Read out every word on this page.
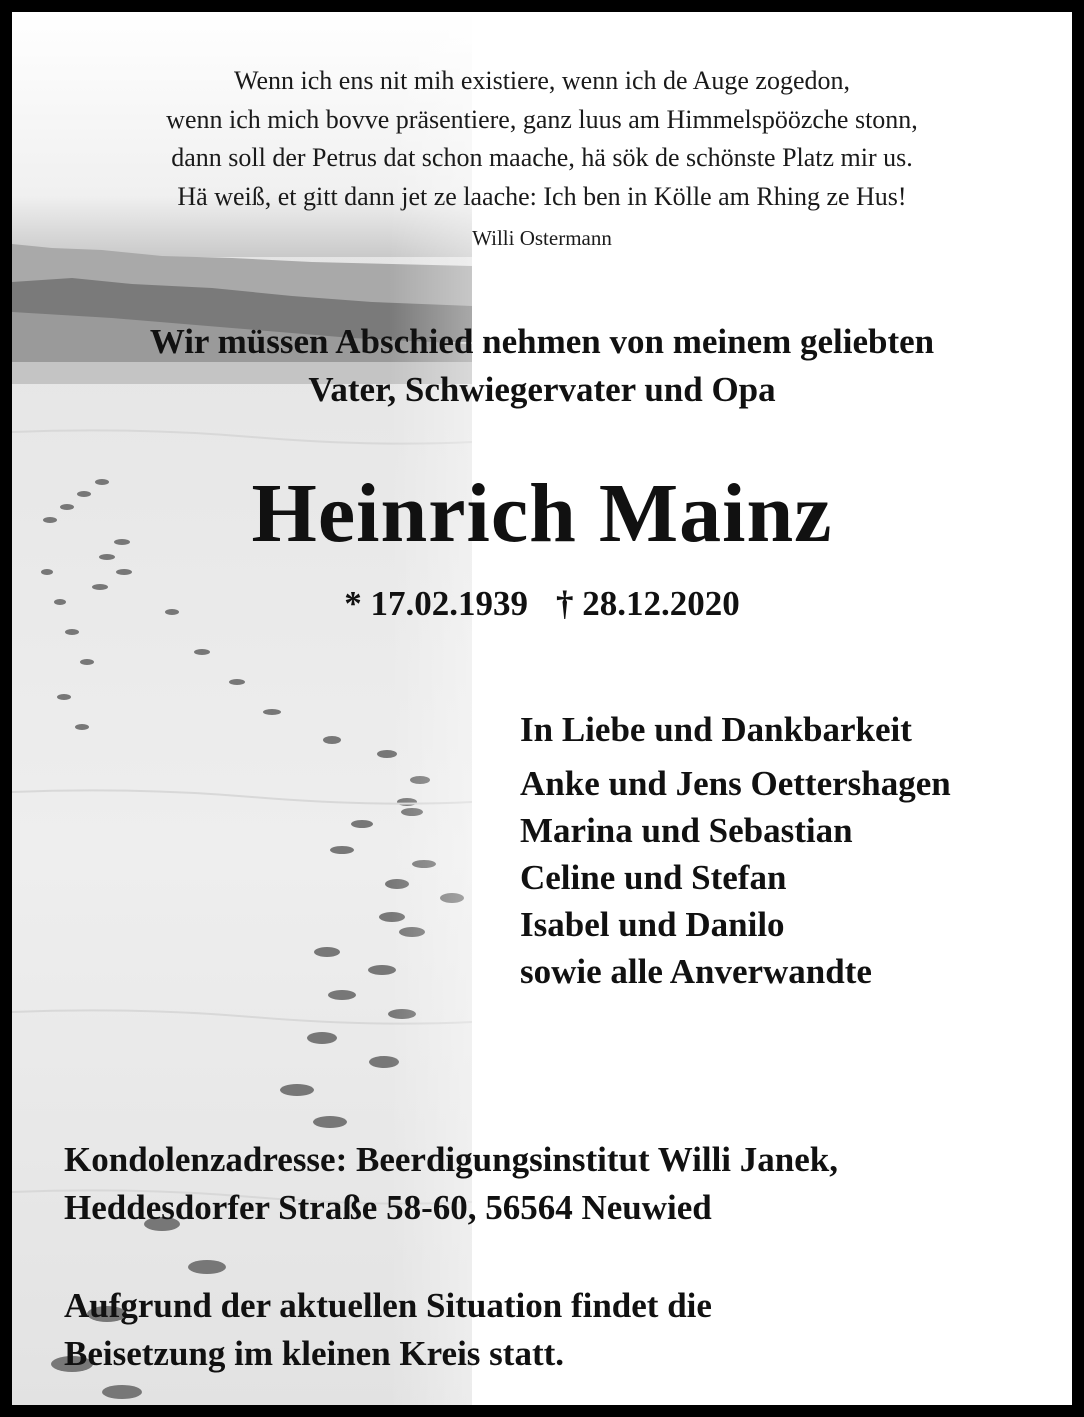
Wenn ich ens nit mih existiere, wenn ich de Auge zogedon,
wenn ich mich bovve präsentiere, ganz luus am Himmelspöözche stonn,
dann soll der Petrus dat schon maache, hä sök de schönste Platz mir us.
Hä weiß, et gitt dann jet ze laache: Ich ben in Kölle am Rhing ze Hus!
Willi Ostermann
Wir müssen Abschied nehmen von meinem geliebten
Vater, Schwiegervater und Opa
Heinrich Mainz
* 17.02.1939 † 28.12.2020
In Liebe und Dankbarkeit
Anke und Jens Oettershagen
Marina und Sebastian
Celine und Stefan
Isabel und Danilo
sowie alle Anverwandte
Kondolenzadresse: Beerdigungsinstitut Willi Janek,
Heddesdorfer Straße 58-60, 56564 Neuwied
Aufgrund der aktuellen Situation findet die
Beisetzung im kleinen Kreis statt.
